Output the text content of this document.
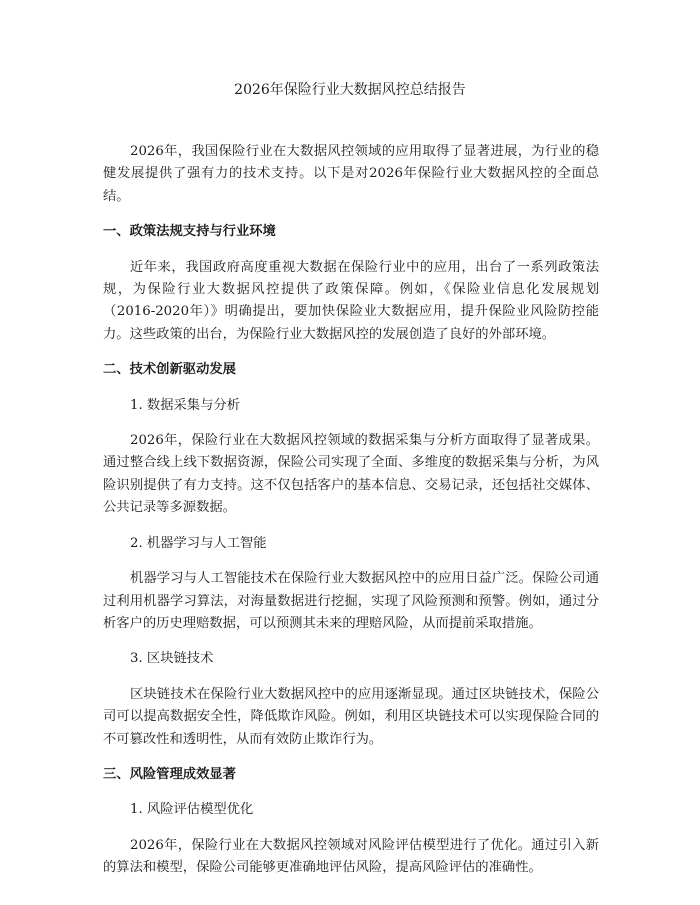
2026年保险行业大数据风控总结报告

2026年，我国保险行业在大数据风控领域的应用取得了显著进展，为行业的稳健发展提供了强有力的技术支持。以下是对2026年保险行业大数据风控的全面总结。

一、政策法规支持与行业环境

近年来，我国政府高度重视大数据在保险行业中的应用，出台了一系列政策法规，为保险行业大数据风控提供了政策保障。例如，《保险业信息化发展规划（2016-2020年）》明确提出，要加快保险业大数据应用，提升保险业风险防控能力。这些政策的出台，为保险行业大数据风控的发展创造了良好的外部环境。

二、技术创新驱动发展
1. 数据采集与分析

2026年，保险行业在大数据风控领域的数据采集与分析方面取得了显著成果。通过整合线上线下数据资源，保险公司实现了全面、多维度的数据采集与分析，为风险识别提供了有力支持。这不仅包括客户的基本信息、交易记录，还包括社交媒体、公共记录等多源数据。

2. 机器学习与人工智能

机器学习与人工智能技术在保险行业大数据风控中的应用日益广泛。保险公司通过利用机器学习算法，对海量数据进行挖掘，实现了风险预测和预警。例如，通过分析客户的历史理赔数据，可以预测其未来的理赔风险，从而提前采取措施。

3. 区块链技术

区块链技术在保险行业大数据风控中的应用逐渐显现。通过区块链技术，保险公司可以提高数据安全性，降低欺诈风险。例如，利用区块链技术可以实现保险合同的不可篡改性和透明性，从而有效防止欺诈行为。

三、风险管理成效显著
1. 风险评估模型优化

2026年，保险行业在大数据风控领域对风险评估模型进行了优化。通过引入新的算法和模型，保险公司能够更准确地评估风险，提高风险评估的准确性。
